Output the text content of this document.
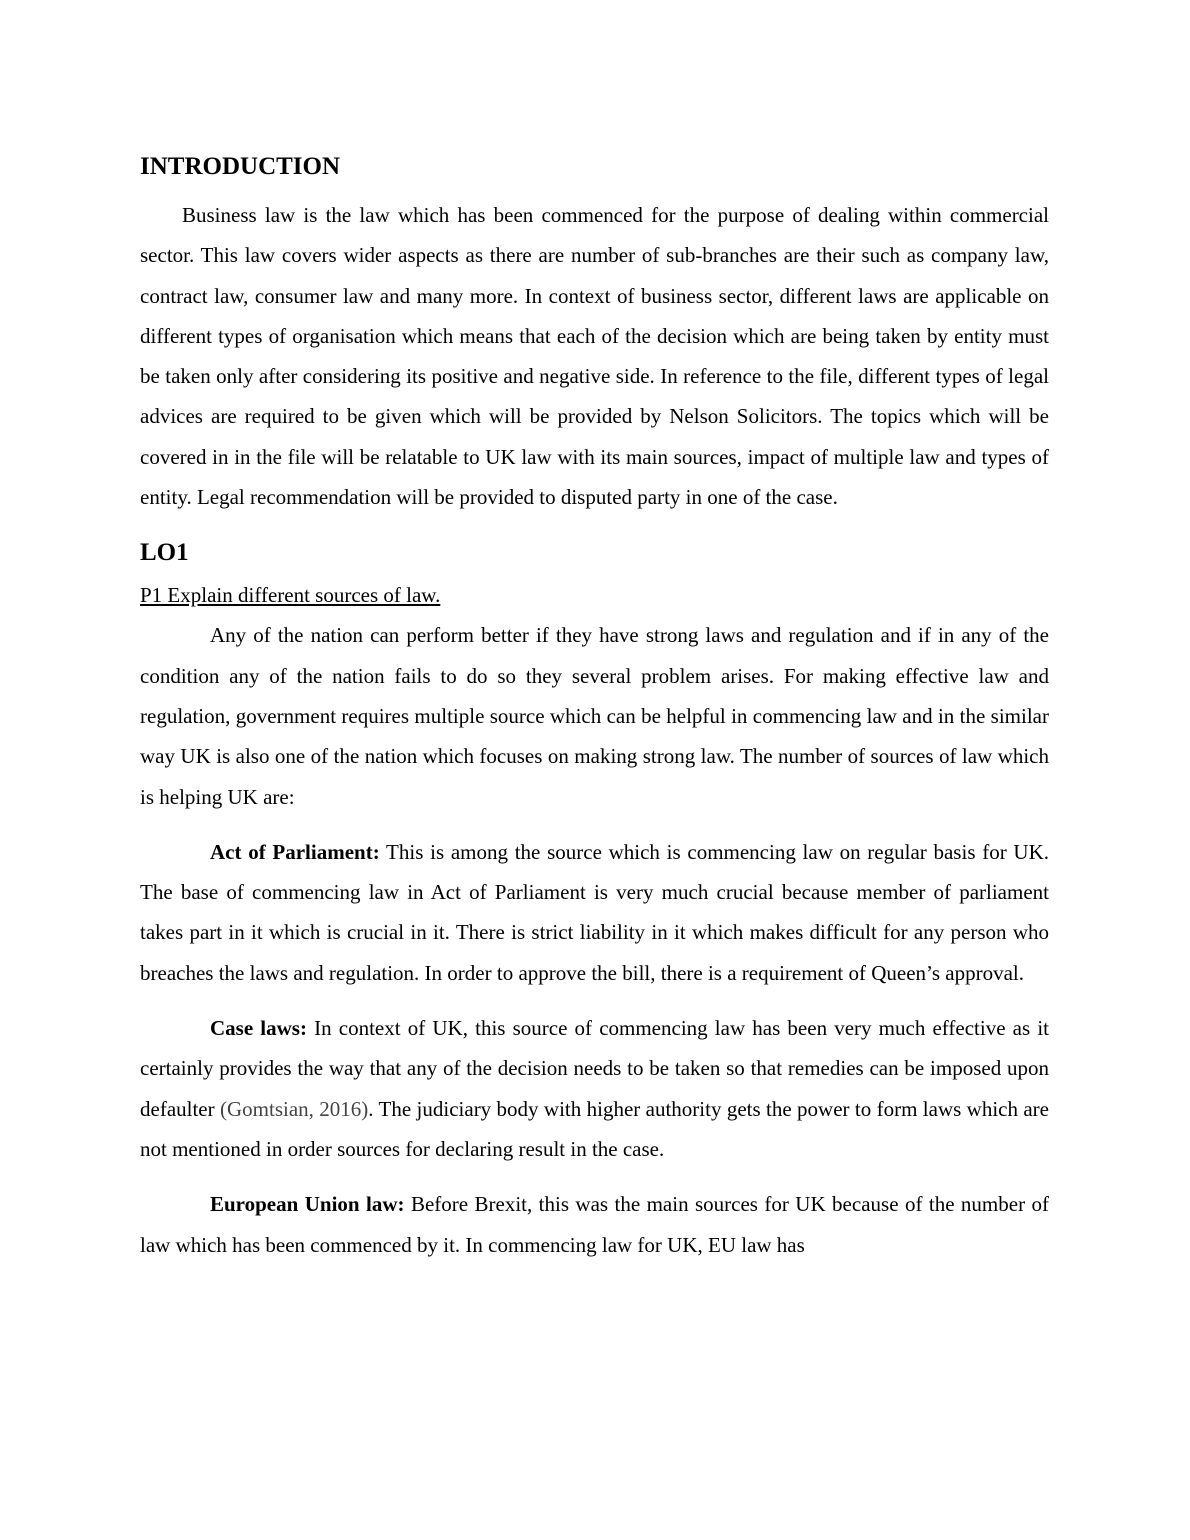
INTRODUCTION

Business law is the law which has been commenced for the purpose of dealing within commercial sector. This law covers wider aspects as there are number of sub-branches are their such as company law, contract law, consumer law and many more. In context of business sector, different laws are applicable on different types of organisation which means that each of the decision which are being taken by entity must be taken only after considering its positive and negative side. In reference to the file, different types of legal advices are required to be given which will be provided by Nelson Solicitors. The topics which will be covered in in the file will be relatable to UK law with its main sources, impact of multiple law and types of entity. Legal recommendation will be provided to disputed party in one of the case.

LO1

P1 Explain different sources of law.

Any of the nation can perform better if they have strong laws and regulation and if in any of the condition any of the nation fails to do so they several problem arises. For making effective law and regulation, government requires multiple source which can be helpful in commencing law and in the similar way UK is also one of the nation which focuses on making strong law. The number of sources of law which is helping UK are:

Act of Parliament: This is among the source which is commencing law on regular basis for UK. The base of commencing law in Act of Parliament is very much crucial because member of parliament takes part in it which is crucial in it. There is strict liability in it which makes difficult for any person who breaches the laws and regulation. In order to approve the bill, there is a requirement of Queen’s approval.

Case laws: In context of UK, this source of commencing law has been very much effective as it certainly provides the way that any of the decision needs to be taken so that remedies can be imposed upon defaulter (Gomtsian, 2016). The judiciary body with higher authority gets the power to form laws which are not mentioned in order sources for declaring result in the case.

European Union law: Before Brexit, this was the main sources for UK because of the number of law which has been commenced by it. In commencing law for UK, EU law has
